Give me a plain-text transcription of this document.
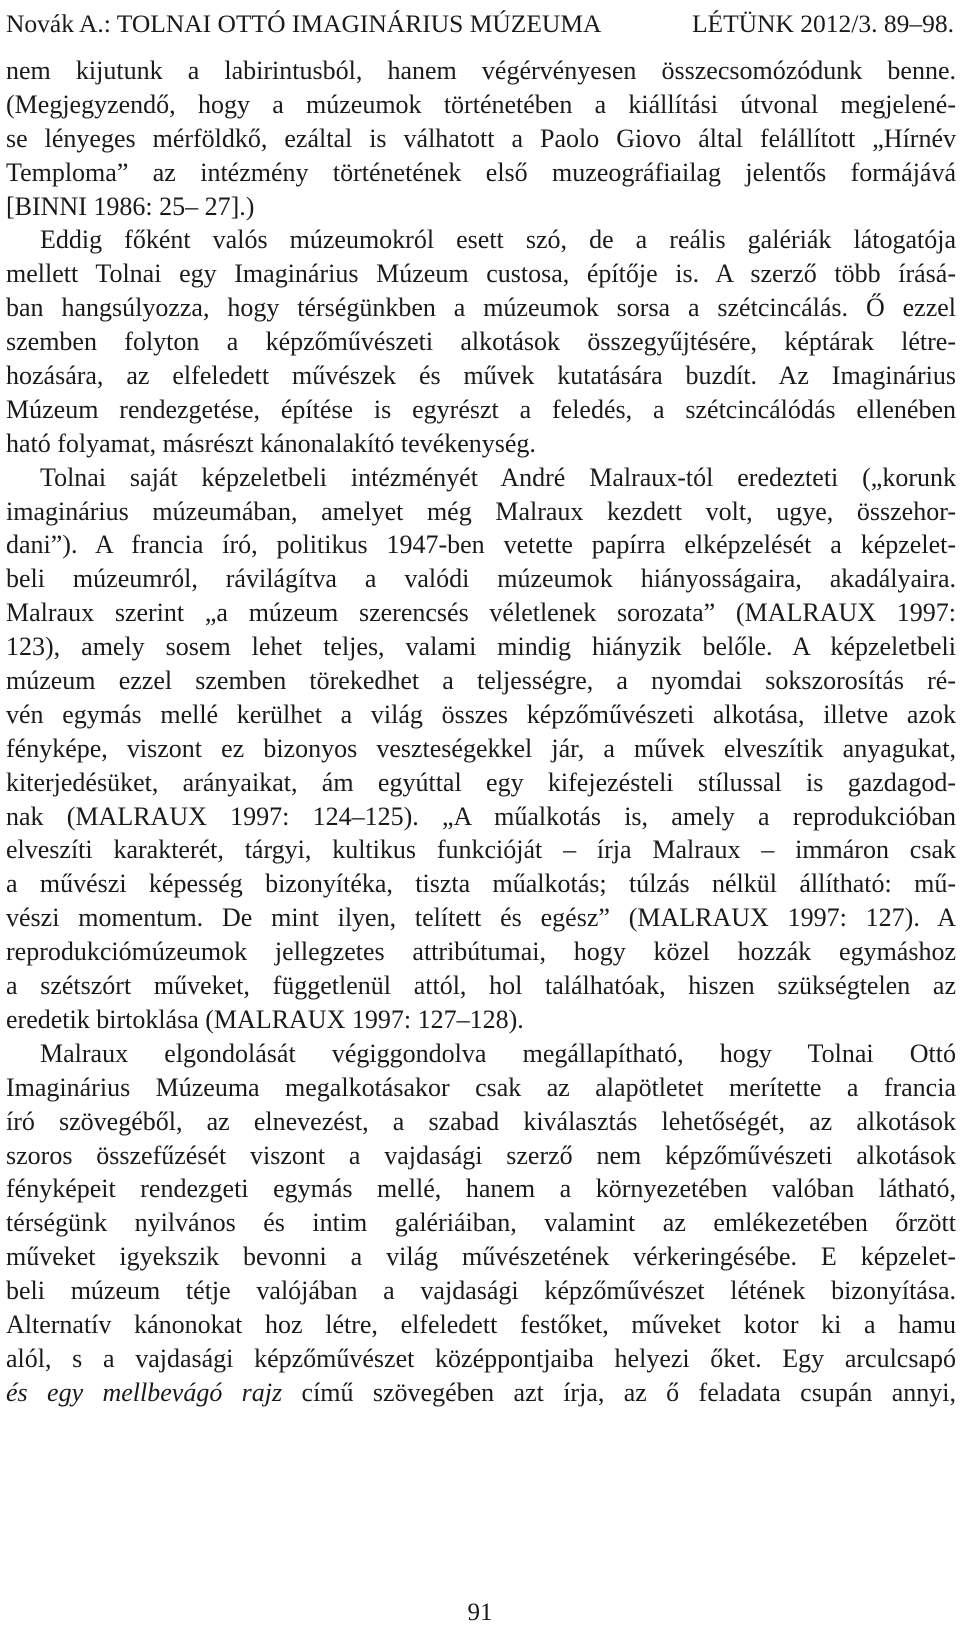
Novák A.: TOLNAI OTTÓ IMAGINÁRIUS MÚZEUMA	LÉTÜNK 2012/3. 89–98.
nem kijutunk a labirintusból, hanem végérvényesen összecsomózódunk benne.
(Megjegyzendő, hogy a múzeumok történetében a kiállítási útvonal megjelené-
se lényeges mérföldkő, ezáltal is válhatott a Paolo Giovo által felállított „Hírnév
Temploma” az intézmény történetének első muzeográfiailag jelentős formájává
[BINNI 1986: 25– 27].)
Eddig főként valós múzeumokról esett szó, de a reális galériák látogatója
mellett Tolnai egy Imaginárius Múzeum custosa, építője is. A szerző több írásá-
ban hangsúlyozza, hogy térségünkben a múzeumok sorsa a szétcincálás. Ő ezzel
szemben folyton a képzőművészeti alkotások összegyűjtésére, képtárak létre-
hozására, az elfeledett művészek és művek kutatására buzdít. Az Imaginárius
Múzeum rendezgetése, építése is egyrészt a feledés, a szétcincálódás ellenében
ható folyamat, másrészt kánonalakító tevékenység.
Tolnai saját képzeletbeli intézményét André Malraux-tól eredezteti („korunk
imaginárius múzeumában, amelyet még Malraux kezdett volt, ugye, összehor-
dani”). A francia író, politikus 1947-ben vetette papírra elképzelését a képzelet-
beli múzeumról, rávilágítva a valódi múzeumok hiányosságaira, akadályaira.
Malraux szerint „a múzeum szerencsés véletlenek sorozata” (MALRAUX 1997:
123), amely sosem lehet teljes, valami mindig hiányzik belőle. A képzeletbeli
múzeum ezzel szemben törekedhet a teljességre, a nyomdai sokszorosítás ré-
vén egymás mellé kerülhet a világ összes képzőművészeti alkotása, illetve azok
fényképe, viszont ez bizonyos veszteségekkel jár, a művek elveszítik anyagukat,
kiterjedésüket, arányaikat, ám egyúttal egy kifejezésteli stílussal is gazdagod-
nak (MALRAUX 1997: 124–125). „A műalkotás is, amely a reprodukcióban
elveszíti karakterét, tárgyi, kultikus funkcióját – írja Malraux – immáron csak
a művészi képesség bizonyítéka, tiszta műalkotás; túlzás nélkül állítható: mű-
vészi momentum. De mint ilyen, telített és egész” (MALRAUX 1997: 127). A
reprodukciómúzeumok jellegzetes attribútumai, hogy közel hozzák egymáshoz
a szétszórt műveket, függetlenül attól, hol találhatóak, hiszen szükségtelen az
eredetik birtoklása (MALRAUX 1997: 127–128).
Malraux elgondolását végiggondolva megállapítható, hogy Tolnai Ottó
Imaginárius Múzeuma megalkotásakor csak az alapötletet merítette a francia
író szövegéből, az elnevezést, a szabad kiválasztás lehetőségét, az alkotások
szoros összefűzését viszont a vajdasági szerző nem képzőművészeti alkotások
fényképeit rendezgeti egymás mellé, hanem a környezetében valóban látható,
térségünk nyilvános és intim galériáiban, valamint az emlékezetében őrzött
műveket igyekszik bevonni a világ művészetének vérkeringésébe. E képzelet-
beli múzeum tétje valójában a vajdasági képzőművészet létének bizonyítása.
Alternatív kánonokat hoz létre, elfeledett festőket, műveket kotor ki a hamu
alól, s a vajdasági képzőművészet középpontjaiba helyezi őket. Egy arculcsapó
és egy mellbevágó rajz című szövegében azt írja, az ő feladata csupán annyi,
91
